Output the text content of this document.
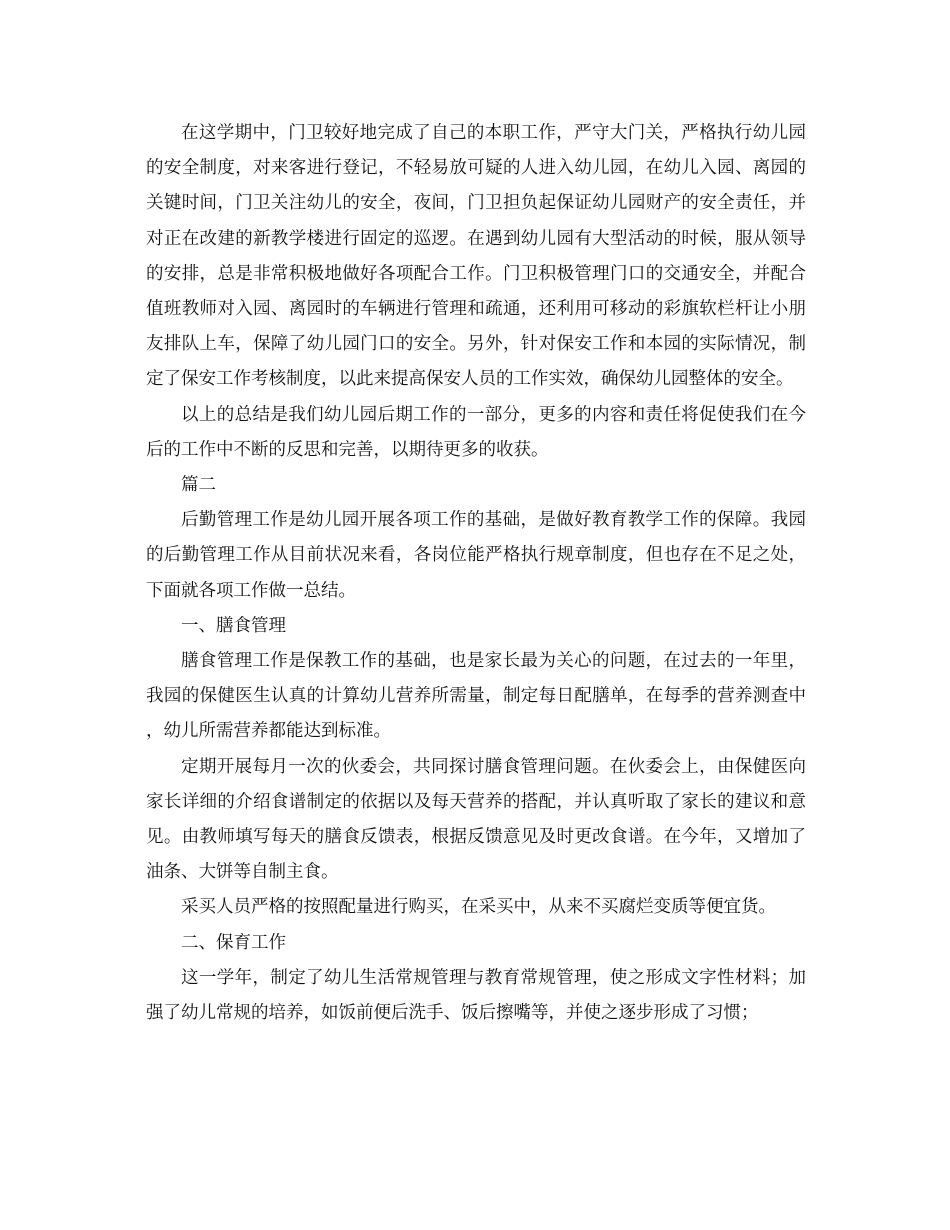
在这学期中，门卫较好地完成了自己的本职工作，严守大门关，严格执行幼儿园的安全制度，对来客进行登记，不轻易放可疑的人进入幼儿园，在幼儿入园、离园的关键时间，门卫关注幼儿的安全，夜间，门卫担负起保证幼儿园财产的安全责任，并对正在改建的新教学楼进行固定的巡逻。在遇到幼儿园有大型活动的时候，服从领导的安排，总是非常积极地做好各项配合工作。门卫积极管理门口的交通安全，并配合值班教师对入园、离园时的车辆进行管理和疏通，还利用可移动的彩旗软栏杆让小朋友排队上车，保障了幼儿园门口的安全。另外，针对保安工作和本园的实际情况，制定了保安工作考核制度，以此来提高保安人员的工作实效，确保幼儿园整体的安全。

以上的总结是我们幼儿园后期工作的一部分，更多的内容和责任将促使我们在今后的工作中不断的反思和完善，以期待更多的收获。

篇二

后勤管理工作是幼儿园开展各项工作的基础，是做好教育教学工作的保障。我园的后勤管理工作从目前状况来看，各岗位能严格执行规章制度，但也存在不足之处，下面就各项工作做一总结。

一、膳食管理

膳食管理工作是保教工作的基础，也是家长最为关心的问题，在过去的一年里，我园的保健医生认真的计算幼儿营养所需量，制定每日配膳单，在每季的营养测查中，幼儿所需营养都能达到标准。

定期开展每月一次的伙委会，共同探讨膳食管理问题。在伙委会上，由保健医向家长详细的介绍食谱制定的依据以及每天营养的搭配，并认真听取了家长的建议和意见。由教师填写每天的膳食反馈表，根据反馈意见及时更改食谱。在今年，又增加了油条、大饼等自制主食。

采买人员严格的按照配量进行购买，在采买中，从来不买腐烂变质等便宜货。

二、保育工作

这一学年，制定了幼儿生活常规管理与教育常规管理，使之形成文字性材料；加强了幼儿常规的培养，如饭前便后洗手、饭后擦嘴等，并使之逐步形成了习惯；
